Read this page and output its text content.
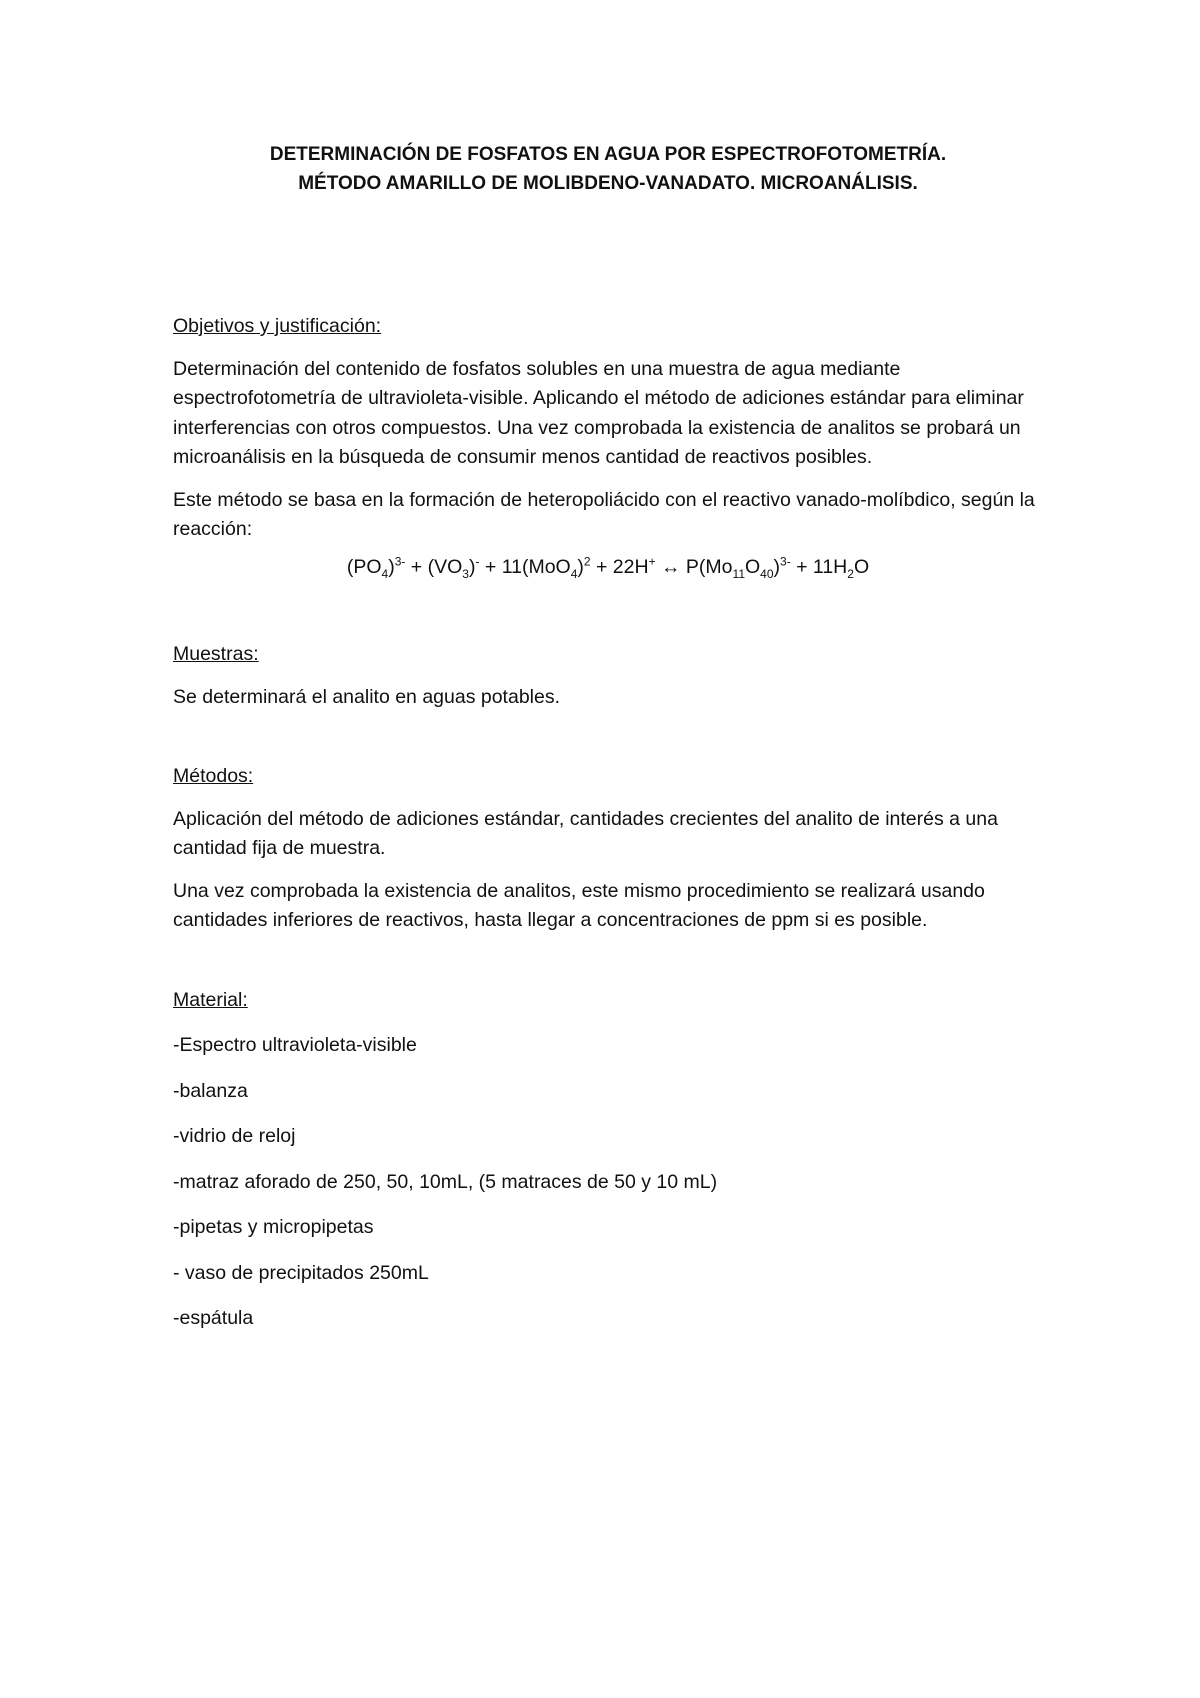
DETERMINACIÓN DE FOSFATOS EN AGUA POR ESPECTROFOTOMETRÍA.

MÉTODO AMARILLO DE MOLIBDENO-VANADATO. MICROANÁLISIS.

Objetivos y justificación:

Determinación del contenido de fosfatos solubles en una muestra de agua mediante espectrofotometría de ultravioleta-visible. Aplicando el método de adiciones estándar para eliminar interferencias con otros compuestos. Una vez comprobada la existencia de analitos se probará un microanálisis en la búsqueda de consumir menos cantidad de reactivos posibles.

Este método se basa en la formación de heteropoliácido con el reactivo vanado-molíbdico, según la reacción:

$(PO_4)^{3-} + (VO_3)^- + 11(MoO_4)^2 + 22H^+$ ↔ $P(Mo_{11}O_{40})^{3-} + 11H_2O$

Muestras:

Se determinará el analito en aguas potables.

Métodos:

Aplicación del método de adiciones estándar, cantidades crecientes del analito de interés a una cantidad fija de muestra.

Una vez comprobada la existencia de analitos, este mismo procedimiento se realizará usando cantidades inferiores de reactivos, hasta llegar a concentraciones de ppm si es posible.

Material:

-Espectro ultravioleta-visible

-balanza

-vidrio de reloj

-matraz aforado de 250, 50, 10mL, (5 matraces de 50 y 10 mL)

-pipetas y micropipetas

- vaso de precipitados 250mL

-espátula
